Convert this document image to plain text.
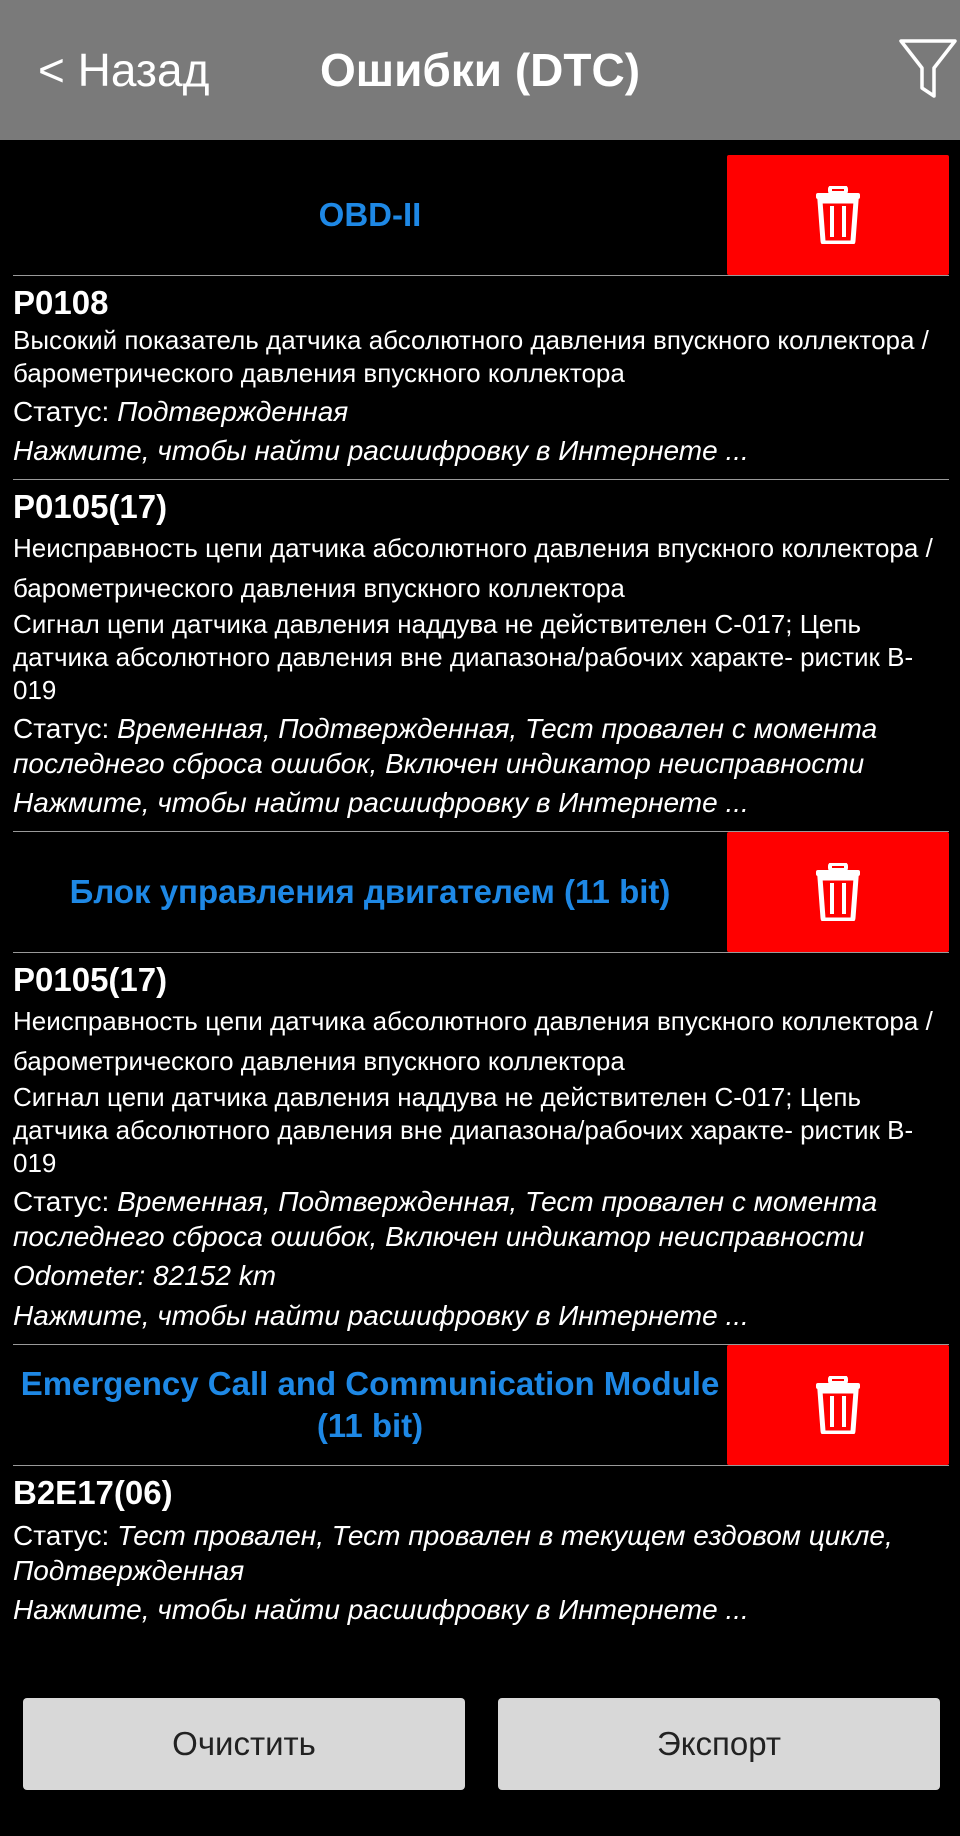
< Назад	Ошибки (DTC)
OBD-II
P0108
Высокий показатель датчика абсолютного давления впускного коллектора / барометрического давления впускного коллектора
Статус: Подтвержденная
Нажмите, чтобы найти расшифровку в Интернете ...
P0105(17)
Неисправность цепи датчика абсолютного давления впускного коллектора / барометрического давления впускного коллектора
Сигнал цепи датчика давления наддува не действителен C-017; Цепь датчика абсолютного давления вне диапазона/рабочих характе- ристик B-019
Статус: Временная, Подтвержденная, Тест провален с момента последнего сброса ошибок, Включен индикатор неисправности
Нажмите, чтобы найти расшифровку в Интернете ...
Блок управления двигателем (11 bit)
P0105(17)
Неисправность цепи датчика абсолютного давления впускного коллектора / барометрического давления впускного коллектора
Сигнал цепи датчика давления наддува не действителен C-017; Цепь датчика абсолютного давления вне диапазона/рабочих характе- ристик B-019
Статус: Временная, Подтвержденная, Тест провален с момента последнего сброса ошибок, Включен индикатор неисправности
Odometer: 82152 km
Нажмите, чтобы найти расшифровку в Интернете ...
Emergency Call and Communication Module (11 bit)
B2E17(06)
Статус: Тест провален, Тест провален в текущем ездовом цикле, Подтвержденная
Нажмите, чтобы найти расшифровку в Интернете ...
Очистить	Экспорт
